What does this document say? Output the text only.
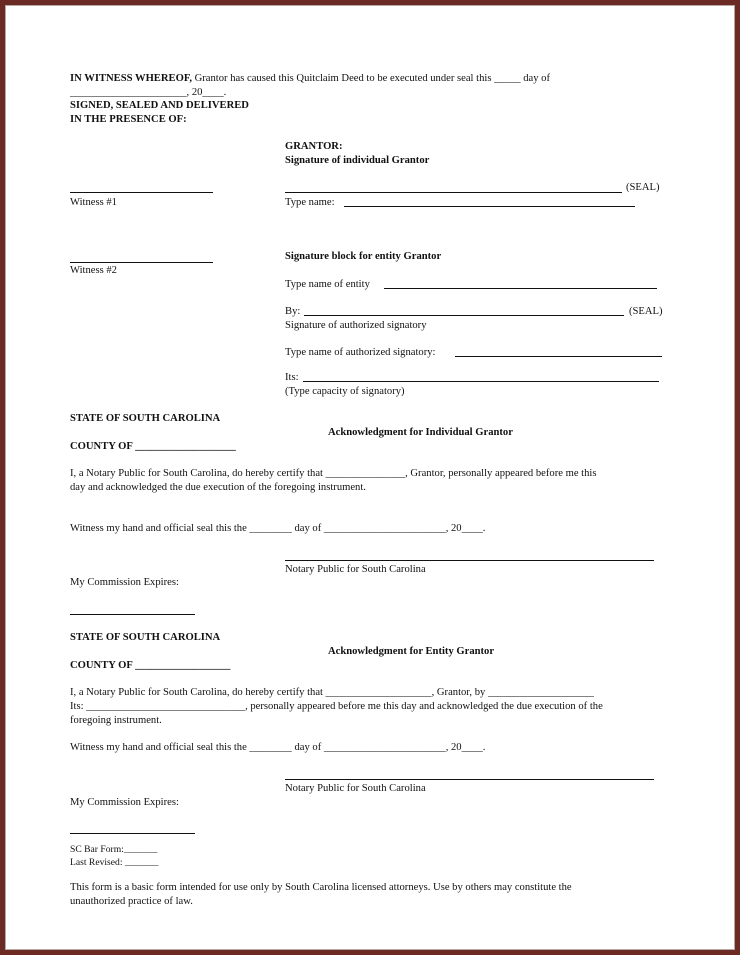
IN WITNESS WHEREOF, Grantor has caused this Quitclaim Deed to be executed under seal this _____ day of
______________________, 20____.
SIGNED, SEALED AND DELIVERED
IN THE PRESENCE OF:
GRANTOR:
Signature of individual Grantor
Witness #1
(SEAL)
Type name:
Witness #2
Signature block for entity Grantor
Type name of entity
By:	(SEAL)
Signature of authorized signatory
Type name of authorized signatory:
Its:
(Type capacity of signatory)
STATE OF SOUTH CAROLINA
Acknowledgment for Individual Grantor
COUNTY OF ___________________
I, a Notary Public for South Carolina, do hereby certify that _______________, Grantor, personally appeared before me this
day and acknowledged the due execution of the foregoing instrument.
Witness my hand and official seal this the ________ day of _______________________, 20____.
Notary Public for South Carolina
My Commission Expires:
STATE OF SOUTH CAROLINA
Acknowledgment for Entity Grantor
COUNTY OF __________________
I, a Notary Public for South Carolina, do hereby certify that ____________________, Grantor, by ____________________
Its: ______________________________, personally appeared before me this day and acknowledged the due execution of the
foregoing instrument.
Witness my hand and official seal this the ________ day of _______________________, 20____.
Notary Public for South Carolina
My Commission Expires:
SC Bar Form:_______
Last Revised: _______
This form is a basic form intended for use only by South Carolina licensed attorneys. Use by others may constitute the
unauthorized practice of law.
